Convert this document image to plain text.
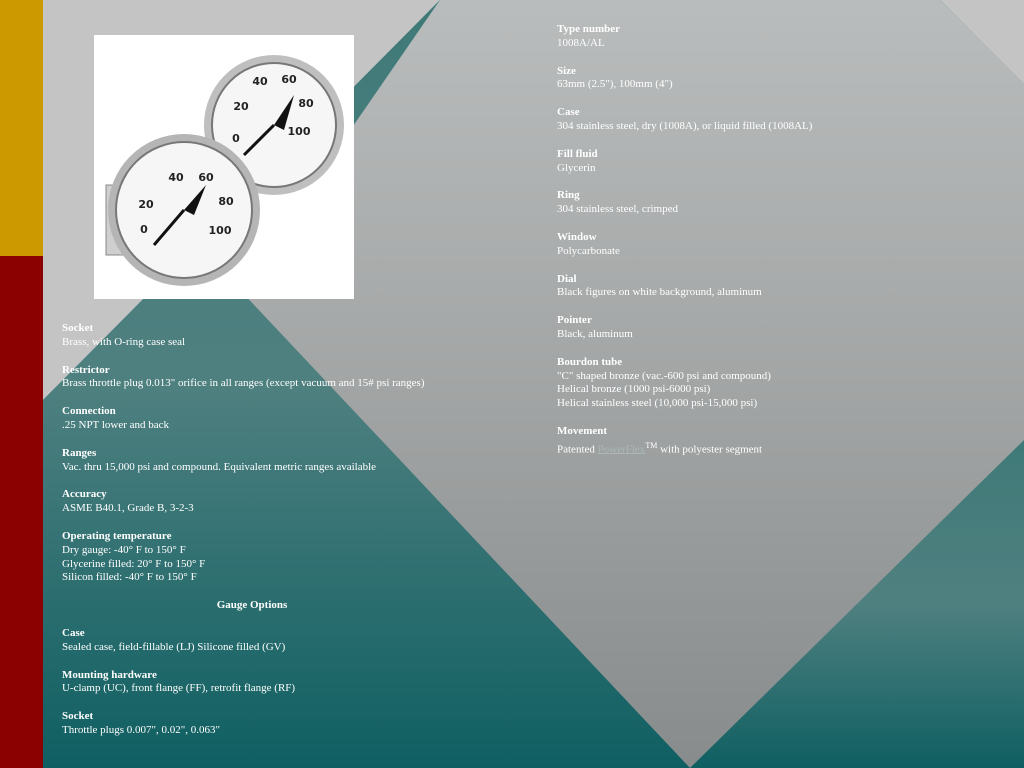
0
20
40 60
80
100
0
20
40 60
80
100
Type number
1008A/AL
Size
63mm (2.5"), 100mm (4")
Case
304 stainless steel, dry (1008A), or liquid filled (1008AL)
Fill fluid
Glycerin
Ring
304 stainless steel, crimped
Window
Polycarbonate
Dial
Black figures on white background, aluminum
Pointer
Black, aluminum
Bourdon tube
"C" shaped bronze (vac.-600 psi and compound)
Helical bronze (1000 psi-6000 psi)
Helical stainless steel (10,000 psi-15,000 psi)
Movement
Patented PowerFlex™ with polyester segment
Socket
Brass, with O-ring case seal
Restrictor
Brass throttle plug 0.013" orifice in all ranges (except vacuum and 15# psi ranges)
Connection
.25 NPT lower and back
Ranges
Vac. thru 15,000 psi and compound. Equivalent metric ranges available
Accuracy
ASME B40.1, Grade B, 3-2-3
Operating temperature
Dry gauge: -40° F to 150° F
Glycerine filled: 20° F to 150° F
Silicon filled: -40° F to 150° F
Gauge Options
Case
Sealed case, field-fillable (LJ) Silicone filled (GV)
Mounting hardware
U-clamp (UC), front flange (FF), retrofit flange (RF)
Socket
Throttle plugs 0.007", 0.02", 0.063"
